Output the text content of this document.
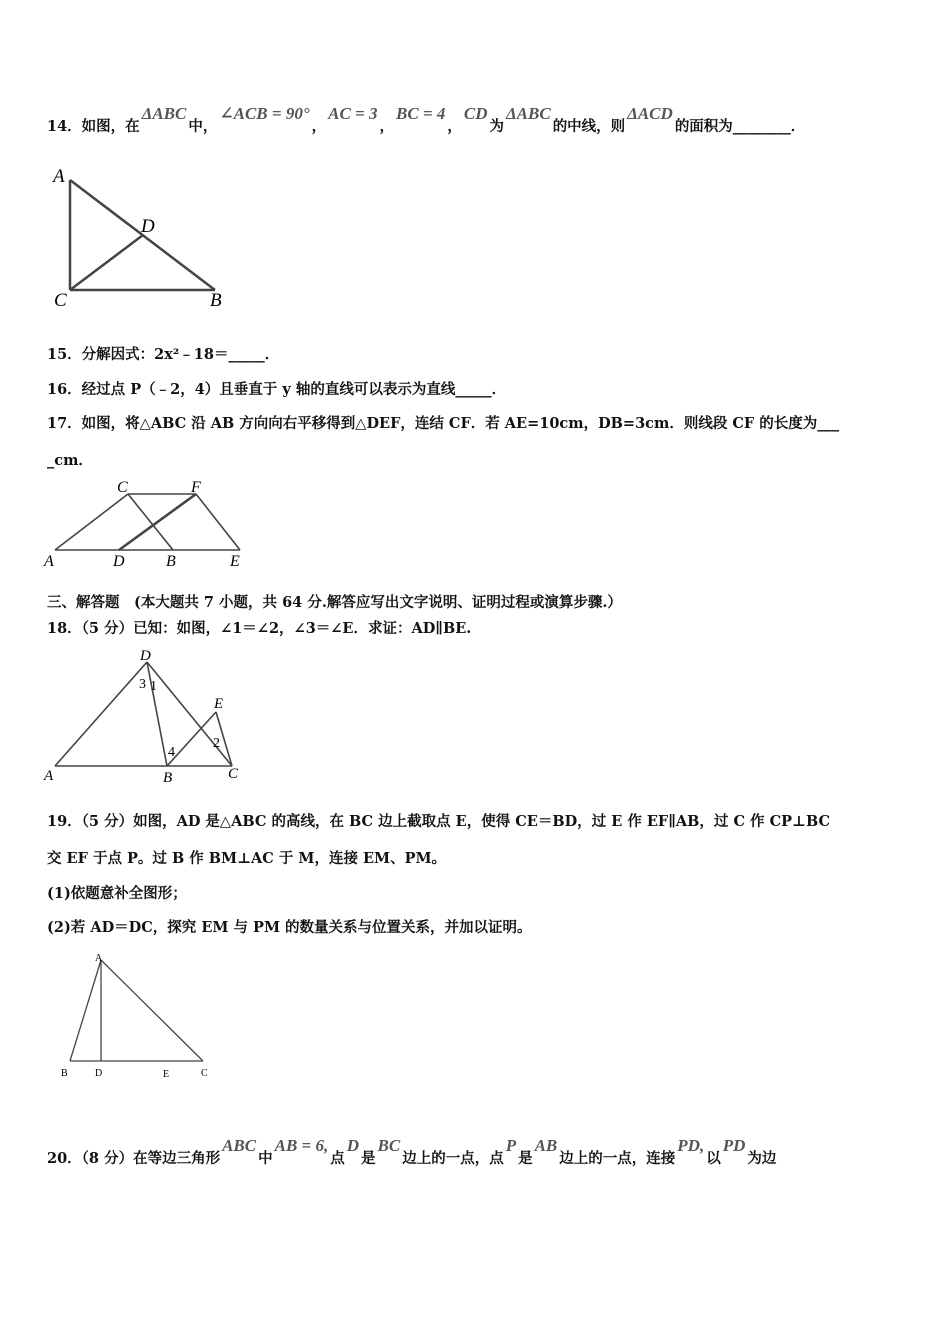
14．如图，在ΔABC中，∠ACB = 90°，AC = 3，BC = 4，CD为ΔABC的中线，则ΔACD的面积为________．
A
C	B
D
15．分解因式：2x²﹣18＝_____．
16．经过点 P（﹣2，4）且垂直于 y 轴的直线可以表示为直线_____．
17．如图，将△ABC 沿 AB 方向向右平移得到△DEF，连结 CF．若 AE=10cm，DB=3cm．则线段 CF 的长度为___
_cm．
A	D	B	E
C	F
三、解答题　(本大题共 7 小题，共 64 分.解答应写出文字说明、证明过程或演算步骤.）
18．（5 分）已知：如图，∠1＝∠2，∠3＝∠E．求证：AD∥BE.
D
A	B	C
E
1
3
4
2
19．（5 分）如图，AD 是△ABC 的高线，在 BC 边上截取点 E，使得 CE＝BD，过 E 作 EF∥AB，过 C 作 CP⊥BC
交 EF 于点 P。过 B 作 BM⊥AC 于 M，连接 EM、PM。
(1)依题意补全图形；
(2)若 AD＝DC，探究 EM 与 PM 的数量关系与位置关系，并加以证明。
A
B	D	E	C
20．（8 分）在等边三角形ABC中AB = 6,点D是BC边上的一点，点P是AB边上的一点，连接PD,以PD为边
